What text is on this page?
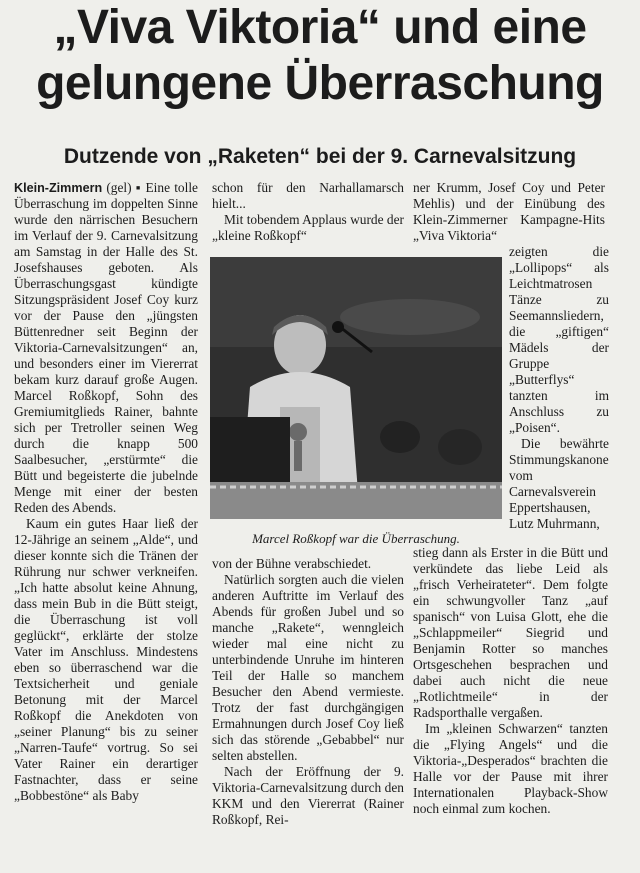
„Viva Viktoria“ und eine
gelungene Überraschung
Dutzende von „Raketen“ bei der 9. Carnevalsitzung

Klein-Zimmern (gel) ▪ Eine tolle Überraschung im doppelten Sinne wurde den närrischen Besuchern im Verlauf der 9. Carnevalsitzung am Samstag in der Halle des St. Josefshauses geboten. Als Überraschungsgast kündigte Sitzungspräsident Josef Coy kurz vor der Pause den „jüngsten Büttenredner seit Beginn der Viktoria-Carnevalsitzungen“ an, und besonders einer im Viererrat bekam kurz darauf große Augen. Marcel Roßkopf, Sohn des Gremiumitglieds Rainer, bahnte sich per Tretroller seinen Weg durch die knapp 500 Saalbesucher, „erstürmte“ die Bütt und begeisterte die jubelnde Menge mit einer der besten Reden des Abends.

Kaum ein gutes Haar ließ der 12-Jährige an seinem „Alde“, und dieser konnte sich die Tränen der Rührung nur schwer verkneifen. „Ich hatte absolut keine Ahnung, dass mein Bub in die Bütt steigt, die Überraschung ist voll geglückt“, erklärte der stolze Vater im Anschluss. Mindestens eben so überraschend war die Textsicherheit und geniale Betonung mit der Marcel Roßkopf die Anekdoten von „seiner Planung“ bis zu seiner „Narren-Taufe“ vortrug. So sei Vater Rainer ein derartiger Fastnachter, dass er seine „Bobbestöne“ als Baby

schon für den Narhallamarsch hielt...

Mit tobendem Applaus wurde der „kleine Roßkopf“

Marcel Roßkopf war die Überraschung.

von der Bühne verabschiedet.

Natürlich sorgten auch die vielen anderen Auftritte im Verlauf des Abends für großen Jubel und so manche „Rakete“, wenngleich wieder mal eine nicht zu unterbindende Unruhe im hinteren Teil der Halle so manchem Besucher den Abend vermieste. Trotz der fast durchgängigen Ermahnungen durch Josef Coy ließ sich das störende „Gebabbel“ nur selten abstellen.

Nach der Eröffnung der 9. Viktoria-Carnevalsitzung durch den KKM und den Viererrat (Rainer Roßkopf, Rei-

ner Krumm, Josef Coy und Peter Mehlis) und der Einübung des Klein-Zimmerner Kampagne-Hits „Viva Viktoria“

zeigten die „Lollipops“ als Leichtmatrosen Tänze zu Seemannsliedern, die „giftigen“ Mädels der Gruppe „Butterflys“ tanzten im Anschluss zu „Poisen“.

Die bewährte Stimmungskanone vom Carnevalsverein Eppertshausen, Lutz Muhrmann,

stieg dann als Erster in die Bütt und verkündete das liebe Leid als „frisch Verheirateter“. Dem folgte ein schwungvoller Tanz „auf spanisch“ von Luisa Glott, ehe die „Schlappmeiler“ Siegrid und Benjamin Rotter so manches Ortsgeschehen besprachen und dabei auch nicht die neue „Rotlichtmeile“ in der Radsporthalle vergaßen.

Im „kleinen Schwarzen“ tanzten die „Flying Angels“ und die Viktoria-„Desperados“ brachten die Halle vor der Pause mit ihrer Internationalen Playback-Show noch einmal zum kochen.
